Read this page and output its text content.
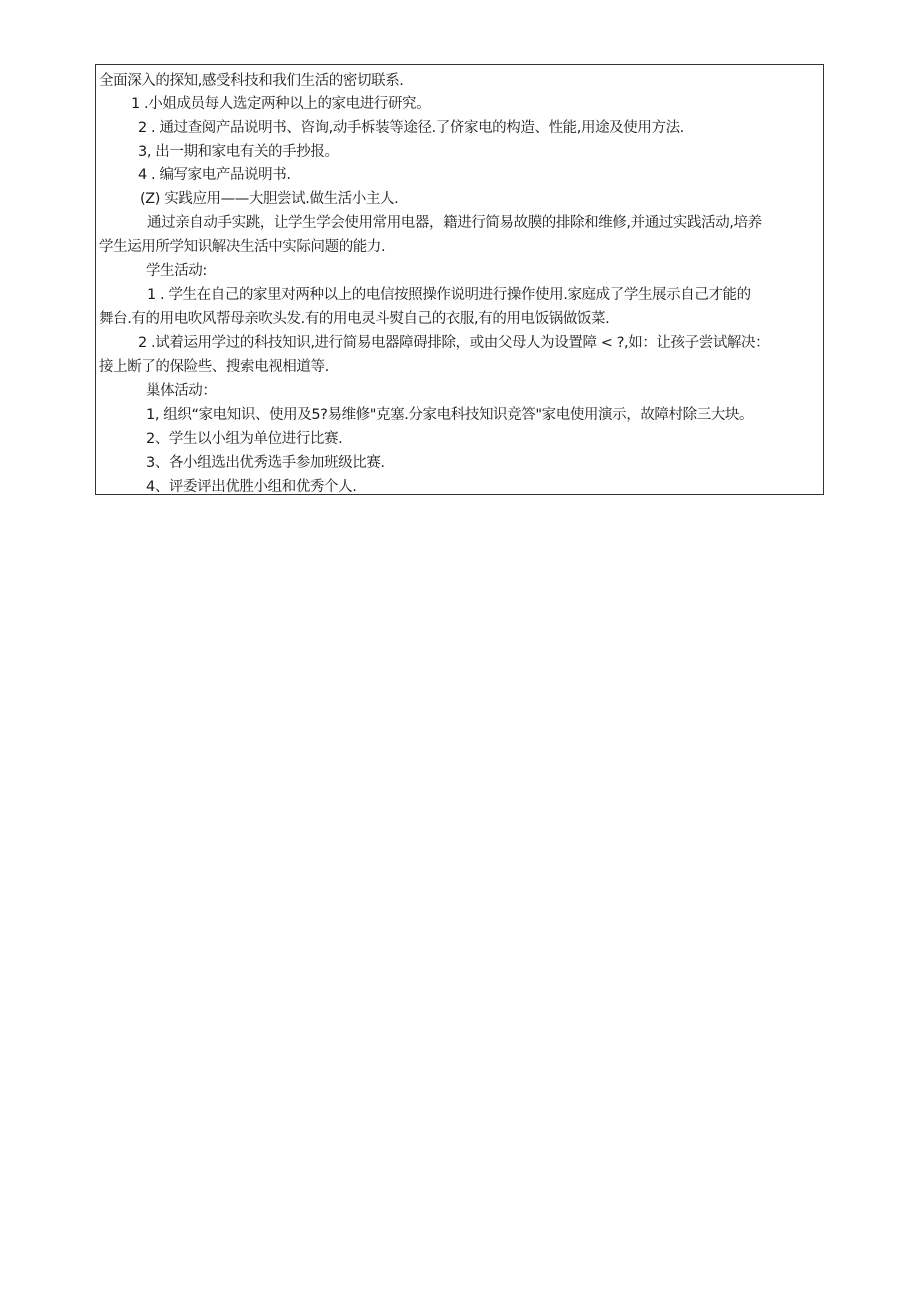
全面深入的探知,感受科技和我们生活的密切联系.
1 .小姐成员每人选定两种以上的家电进行研究。
2 . 通过查阅产品说明书、咨询,动手柝装等途径.了侪家电的构造、性能,用途及使用方法.
3, 出一期和家电有关的手抄报。
4 . 编写家电产品说明书.
(Z) 实践应用——大胆尝试.做生活小主人.
通过亲自动手实跳，让学生学会使用常用电器，籍进行简易故膜的排除和维修,并通过实践活动,培养
学生运用所学知识解决生活中实际问题的能力.
学生活动:
1 . 学生在自己的家里对两种以上的电信按照操作说明进行操作使用.家庭成了学生展示自己才能的
舞台.有的用电吹风帮母亲吹头发.有的用电灵斗熨自己的衣服,有的用电饭锅做饭菜.
2 .试着运用学过的科技知识,进行简易电器障碍排除，或由父母人为设置障 < ?,如：让孩子尝试解决：
接上断了的保险些、搜索电视相道等.
巢体活动：
1, 组织“家电知识、使用及5?易维修"克塞.分家电科技知识竞答"家电使用演示，故障村除三大块。
2、学生以小组为单位进行比赛.
3、各小组选出优秀选手参加班级比赛.
4、评委评出优胜小组和优秀个人.
